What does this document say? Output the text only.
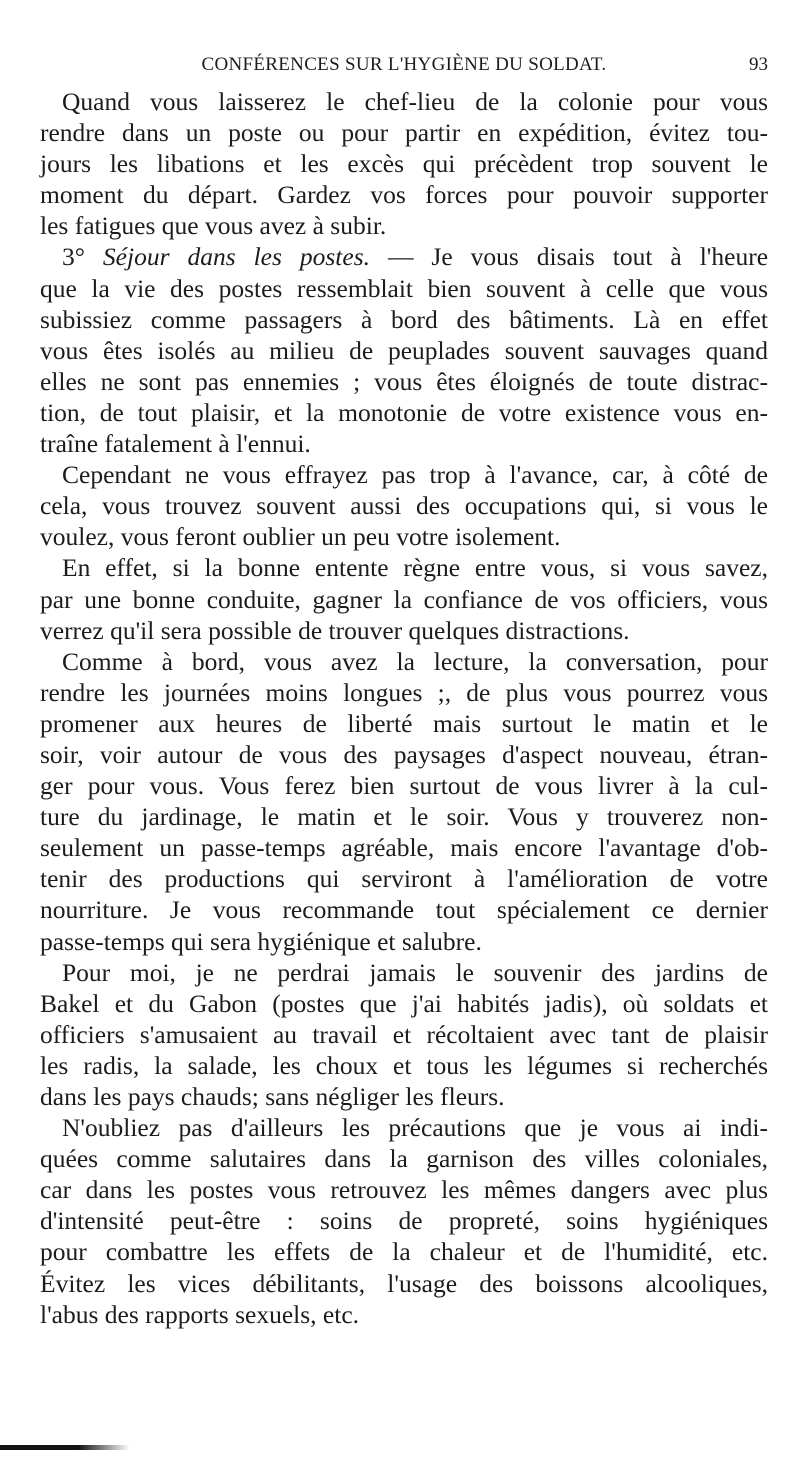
CONFÉRENCES SUR L'HYGIÈNE DU SOLDAT.	93
Quand vous laisserez le chef-lieu de la colonie pour vous
rendre dans un poste ou pour partir en expédition, évitez tou-
jours les libations et les excès qui précèdent trop souvent le
moment du départ. Gardez vos forces pour pouvoir supporter
les fatigues que vous avez à subir.
3° Séjour dans les postes. — Je vous disais tout à l'heure
que la vie des postes ressemblait bien souvent à celle que vous
subissiez comme passagers à bord des bâtiments. Là en effet
vous êtes isolés au milieu de peuplades souvent sauvages quand
elles ne sont pas ennemies ; vous êtes éloignés de toute distrac-
tion, de tout plaisir, et la monotonie de votre existence vous en-
traîne fatalement à l'ennui.
Cependant ne vous effrayez pas trop à l'avance, car, à côté de
cela, vous trouvez souvent aussi des occupations qui, si vous le
voulez, vous feront oublier un peu votre isolement.
En effet, si la bonne entente règne entre vous, si vous savez,
par une bonne conduite, gagner la confiance de vos officiers, vous
verrez qu'il sera possible de trouver quelques distractions.
Comme à bord, vous avez la lecture, la conversation, pour
rendre les journées moins longues ;, de plus vous pourrez vous
promener aux heures de liberté mais surtout le matin et le
soir, voir autour de vous des paysages d'aspect nouveau, étran-
ger pour vous. Vous ferez bien surtout de vous livrer à la cul-
ture du jardinage, le matin et le soir. Vous y trouverez non-
seulement un passe-temps agréable, mais encore l'avantage d'ob-
tenir des productions qui serviront à l'amélioration de votre
nourriture. Je vous recommande tout spécialement ce dernier
passe-temps qui sera hygiénique et salubre.
Pour moi, je ne perdrai jamais le souvenir des jardins de
Bakel et du Gabon (postes que j'ai habités jadis), où soldats et
officiers s'amusaient au travail et récoltaient avec tant de plaisir
les radis, la salade, les choux et tous les légumes si recherchés
dans les pays chauds; sans négliger les fleurs.
N'oubliez pas d'ailleurs les précautions que je vous ai indi-
quées comme salutaires dans la garnison des villes coloniales,
car dans les postes vous retrouvez les mêmes dangers avec plus
d'intensité peut-être : soins de propreté, soins hygiéniques
pour combattre les effets de la chaleur et de l'humidité, etc.
Évitez les vices débilitants, l'usage des boissons alcooliques,
l'abus des rapports sexuels, etc.
